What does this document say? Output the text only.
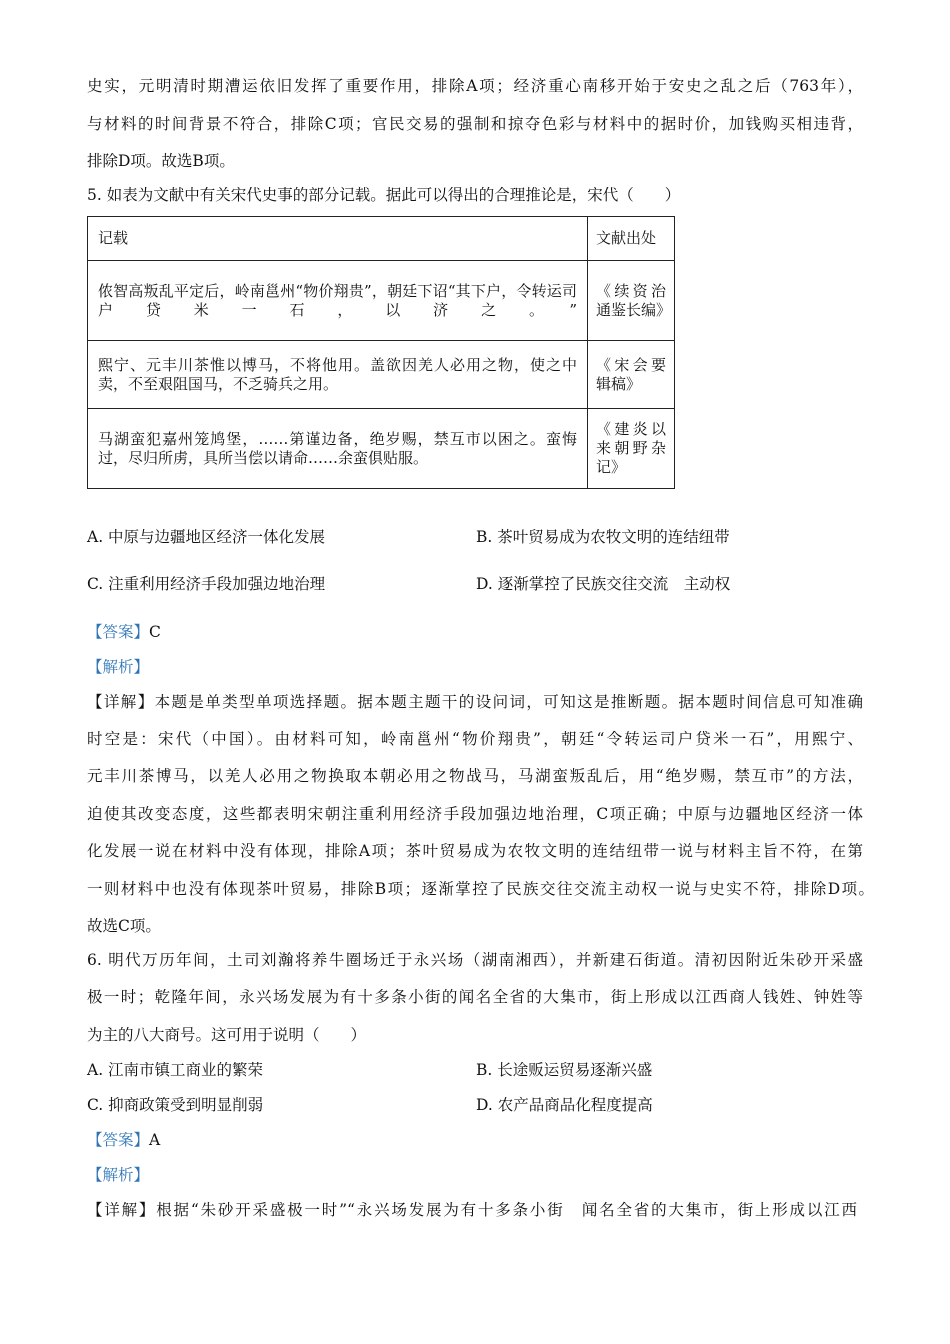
史实，元明清时期漕运依旧发挥了重要作用，排除A项；经济重心南移开始于安史之乱之后（763年），
与材料的时间背景不符合，排除C项；官民交易的强制和掠夺色彩与材料中的据时价，加钱购买相违背，
排除D项。故选B项。
5. 如表为文献中有关宋代史事的部分记载。据此可以得出的合理推论是，宋代（　　）
记载	文献出处
侬智高叛乱平定后，岭南邕州“物价翔贵”，朝廷下诏“其下户，令转运司户贷米一石，以济之。”	《续资治通鉴长编》
熙宁、元丰川茶惟以博马，不将他用。盖欲因羌人必用之物，使之中卖，不至艰阻国马，不乏骑兵之用。	《宋会要辑稿》
马湖蛮犯嘉州笼鸠堡，……第谨边备，绝岁赐，禁互市以困之。蛮悔过，尽归所虏，具所当偿以请命……余蛮俱贴服。	《建炎以来朝野杂记》
A. 中原与边疆地区经济一体化发展	B. 茶叶贸易成为农牧文明的连结纽带
C. 注重利用经济手段加强边地治理	D. 逐渐掌控了民族交往交流　主动权
【答案】C
【解析】
【详解】本题是单类型单项选择题。据本题主题干的设问词，可知这是推断题。据本题时间信息可知准确
时空是：宋代（中国）。由材料可知，岭南邕州“物价翔贵”，朝廷“令转运司户贷米一石”，用熙宁、
元丰川茶博马，以羌人必用之物换取本朝必用之物战马，马湖蛮叛乱后，用“绝岁赐，禁互市”的方法，
迫使其改变态度，这些都表明宋朝注重利用经济手段加强边地治理，C项正确；中原与边疆地区经济一体
化发展一说在材料中没有体现，排除A项；茶叶贸易成为农牧文明的连结纽带一说与材料主旨不符，在第
一则材料中也没有体现茶叶贸易，排除B项；逐渐掌控了民族交往交流主动权一说与史实不符，排除D项。
故选C项。
6. 明代万历年间，土司刘瀚将养牛圈场迁于永兴场（湖南湘西），并新建石街道。清初因附近朱砂开采盛
极一时；乾隆年间，永兴场发展为有十多条小街的闻名全省的大集市，街上形成以江西商人钱姓、钟姓等
为主的八大商号。这可用于说明（　　）
A. 江南市镇工商业的繁荣	B. 长途贩运贸易逐渐兴盛
C. 抑商政策受到明显削弱	D. 农产品商品化程度提高
【答案】A
【解析】
【详解】根据“朱砂开采盛极一时”“永兴场发展为有十多条小街　闻名全省的大集市，街上形成以江西
